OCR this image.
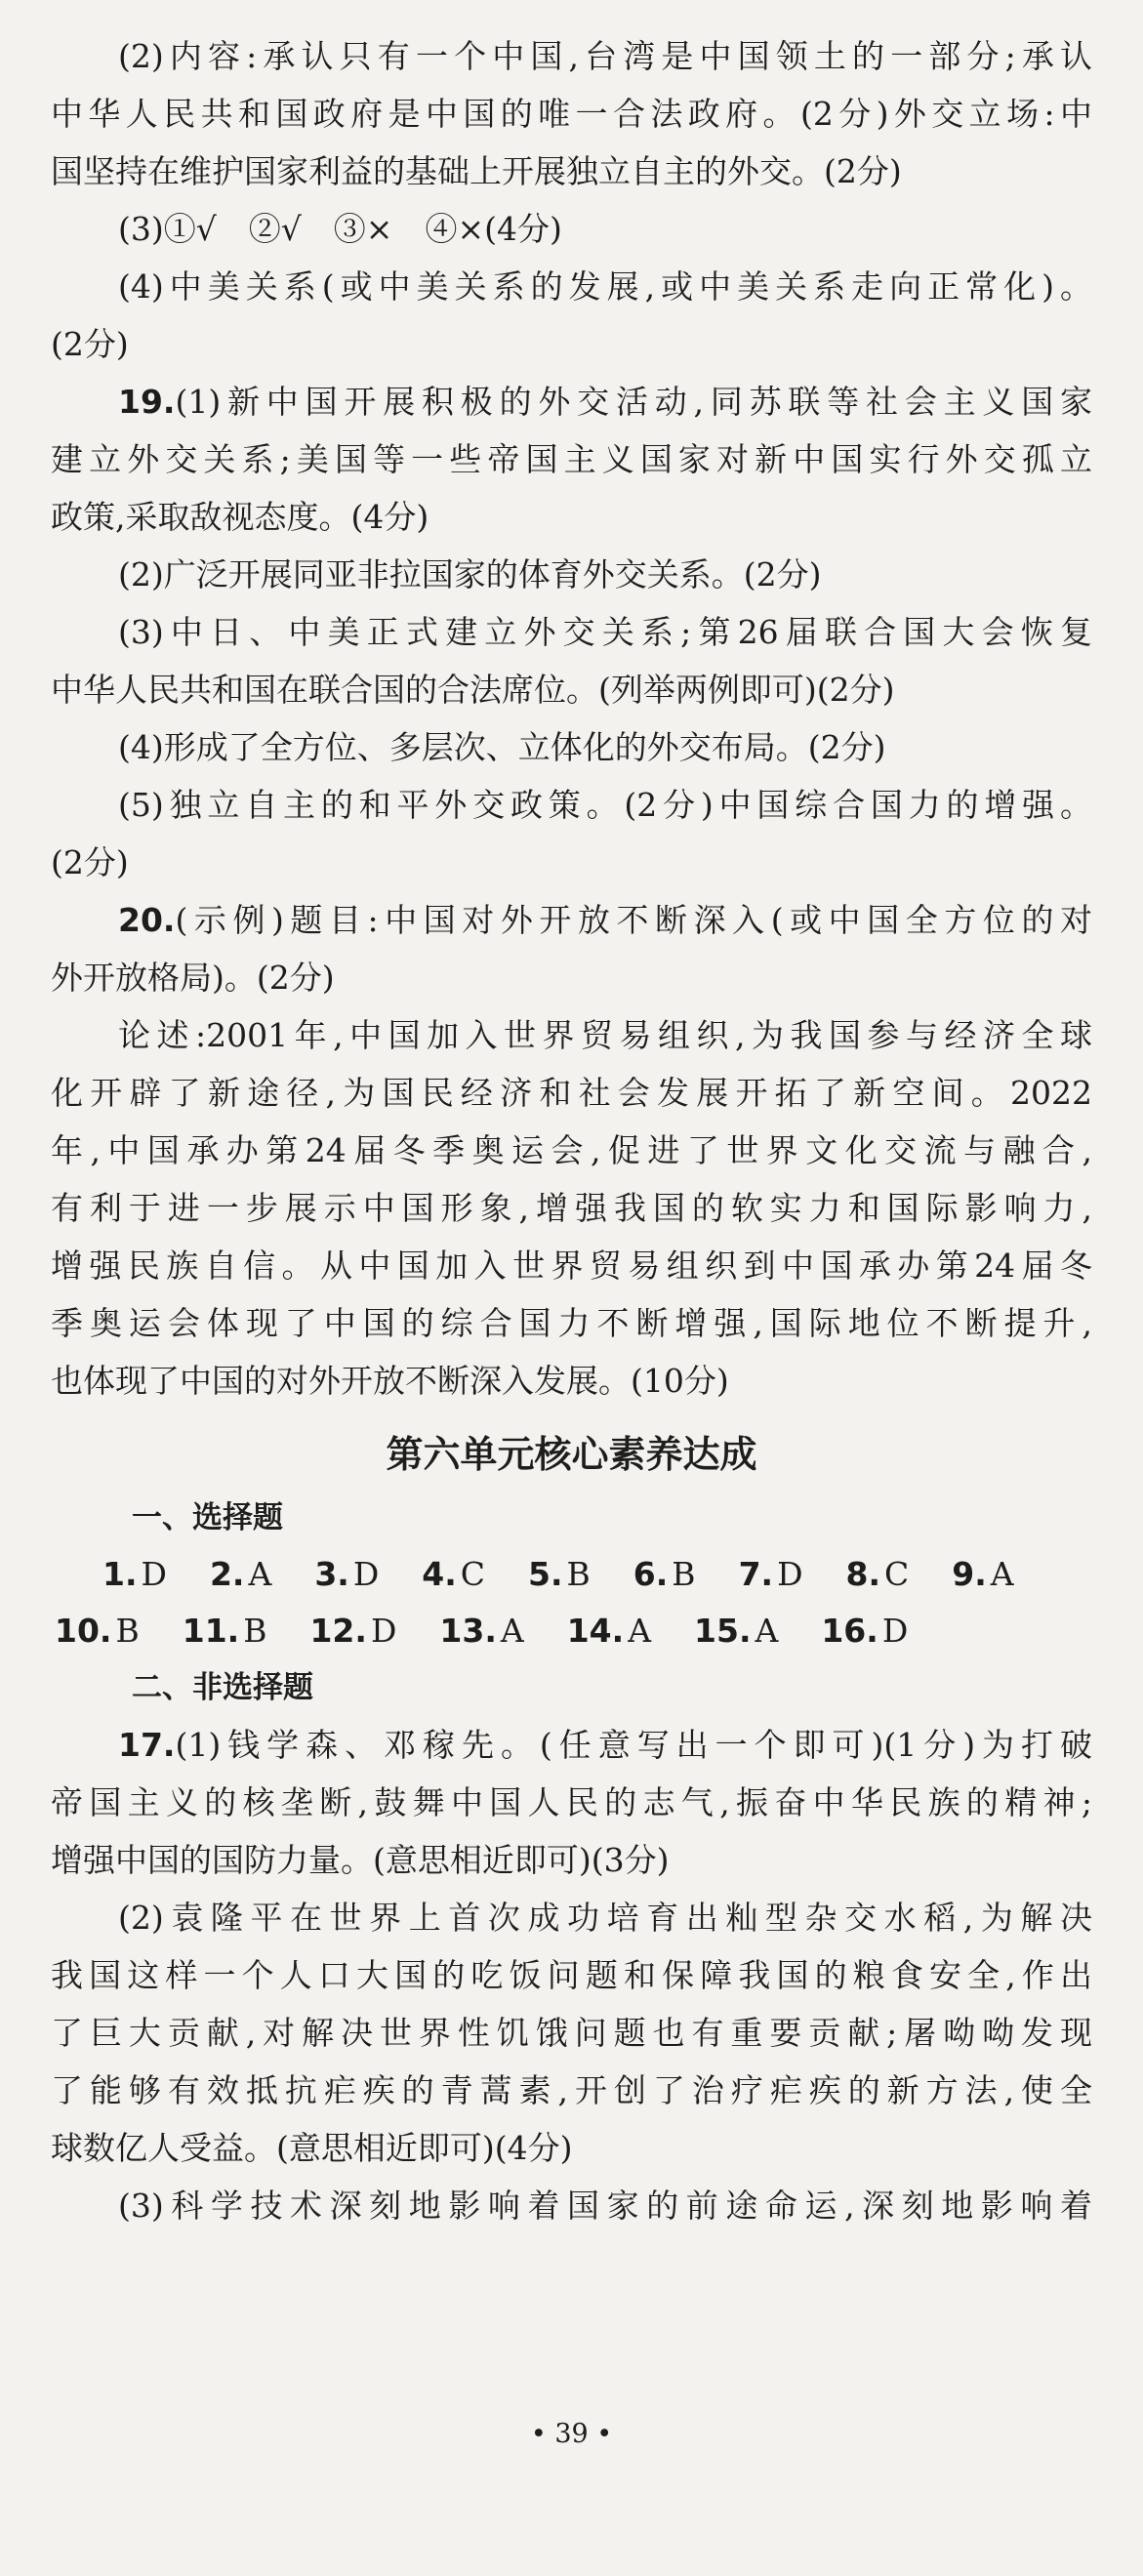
(2)内容:承认只有一个中国,台湾是中国领土的一部分;承认

中华人民共和国政府是中国的唯一合法政府。(2分)外交立场:中

国坚持在维护国家利益的基础上开展独立自主的外交。(2分)

(3)①√　②√　③×　④×(4分)

(4)中美关系(或中美关系的发展,或中美关系走向正常化)。

(2分)

19.(1)新中国开展积极的外交活动,同苏联等社会主义国家

建立外交关系;美国等一些帝国主义国家对新中国实行外交孤立

政策,采取敌视态度。(4分)

(2)广泛开展同亚非拉国家的体育外交关系。(2分)

(3)中日、中美正式建立外交关系;第26届联合国大会恢复

中华人民共和国在联合国的合法席位。(列举两例即可)(2分)

(4)形成了全方位、多层次、立体化的外交布局。(2分)

(5)独立自主的和平外交政策。(2分)中国综合国力的增强。

(2分)

20.(示例)题目:中国对外开放不断深入(或中国全方位的对

外开放格局)。(2分)

论述:2001年,中国加入世界贸易组织,为我国参与经济全球

化开辟了新途径,为国民经济和社会发展开拓了新空间。2022

年,中国承办第24届冬季奥运会,促进了世界文化交流与融合,

有利于进一步展示中国形象,增强我国的软实力和国际影响力,

增强民族自信。从中国加入世界贸易组织到中国承办第24届冬

季奥运会体现了中国的综合国力不断增强,国际地位不断提升,

也体现了中国的对外开放不断深入发展。(10分)

第六单元核心素养达成
一、选择题
1. D 2. A 3. D 4. C 5. B 6. B 7. D 8. C 9. A
10. B 11. B 12. D 13. A 14. A 15. A 16. D
二、非选择题

17.(1)钱学森、邓稼先。(任意写出一个即可)(1分)为打破

帝国主义的核垄断,鼓舞中国人民的志气,振奋中华民族的精神;

增强中国的国防力量。(意思相近即可)(3分)

(2)袁隆平在世界上首次成功培育出籼型杂交水稻,为解决

我国这样一个人口大国的吃饭问题和保障我国的粮食安全,作出

了巨大贡献,对解决世界性饥饿问题也有重要贡献;屠呦呦发现

了能够有效抵抗疟疾的青蒿素,开创了治疗疟疾的新方法,使全

球数亿人受益。(意思相近即可)(4分)

(3)科学技术深刻地影响着国家的前途命运,深刻地影响着

• 39 •
